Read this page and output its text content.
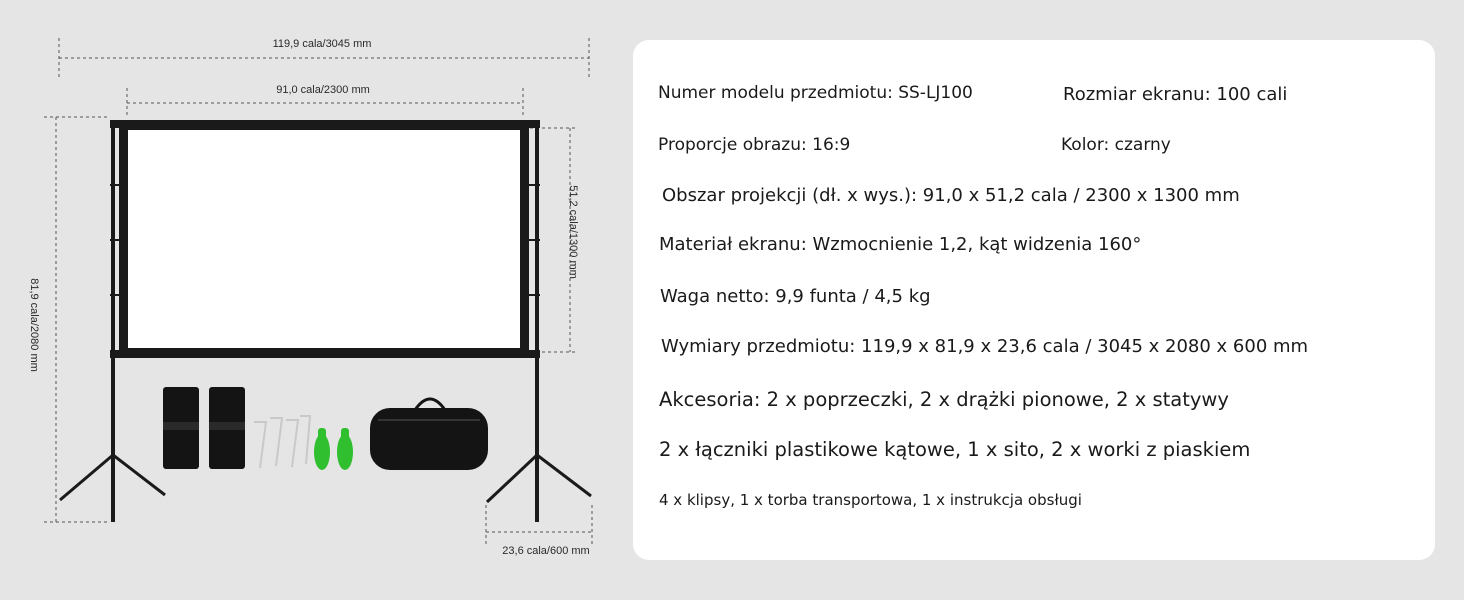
119,9 cala/3045 mm
91,0 cala/2300 mm
51,2 cala/1300 mm
81,9 cala/2080 mm
23,6 cala/600 mm
Numer modelu przedmiotu: SS-LJ100	Rozmiar ekranu: 100 cali
Proporcje obrazu: 16:9	Kolor: czarny
Obszar projekcji (dł. x wys.): 91,0 x 51,2 cala / 2300 x 1300 mm
Materiał ekranu: Wzmocnienie 1,2, kąt widzenia 160°
Waga netto: 9,9 funta / 4,5 kg
Wymiary przedmiotu: 119,9 x 81,9 x 23,6 cala / 3045 x 2080 x 600 mm
Akcesoria: 2 x poprzeczki, 2 x drążki pionowe, 2 x statywy
2 x łączniki plastikowe kątowe, 1 x sito, 2 x worki z piaskiem
4 x klipsy, 1 x torba transportowa, 1 x instrukcja obsługi
